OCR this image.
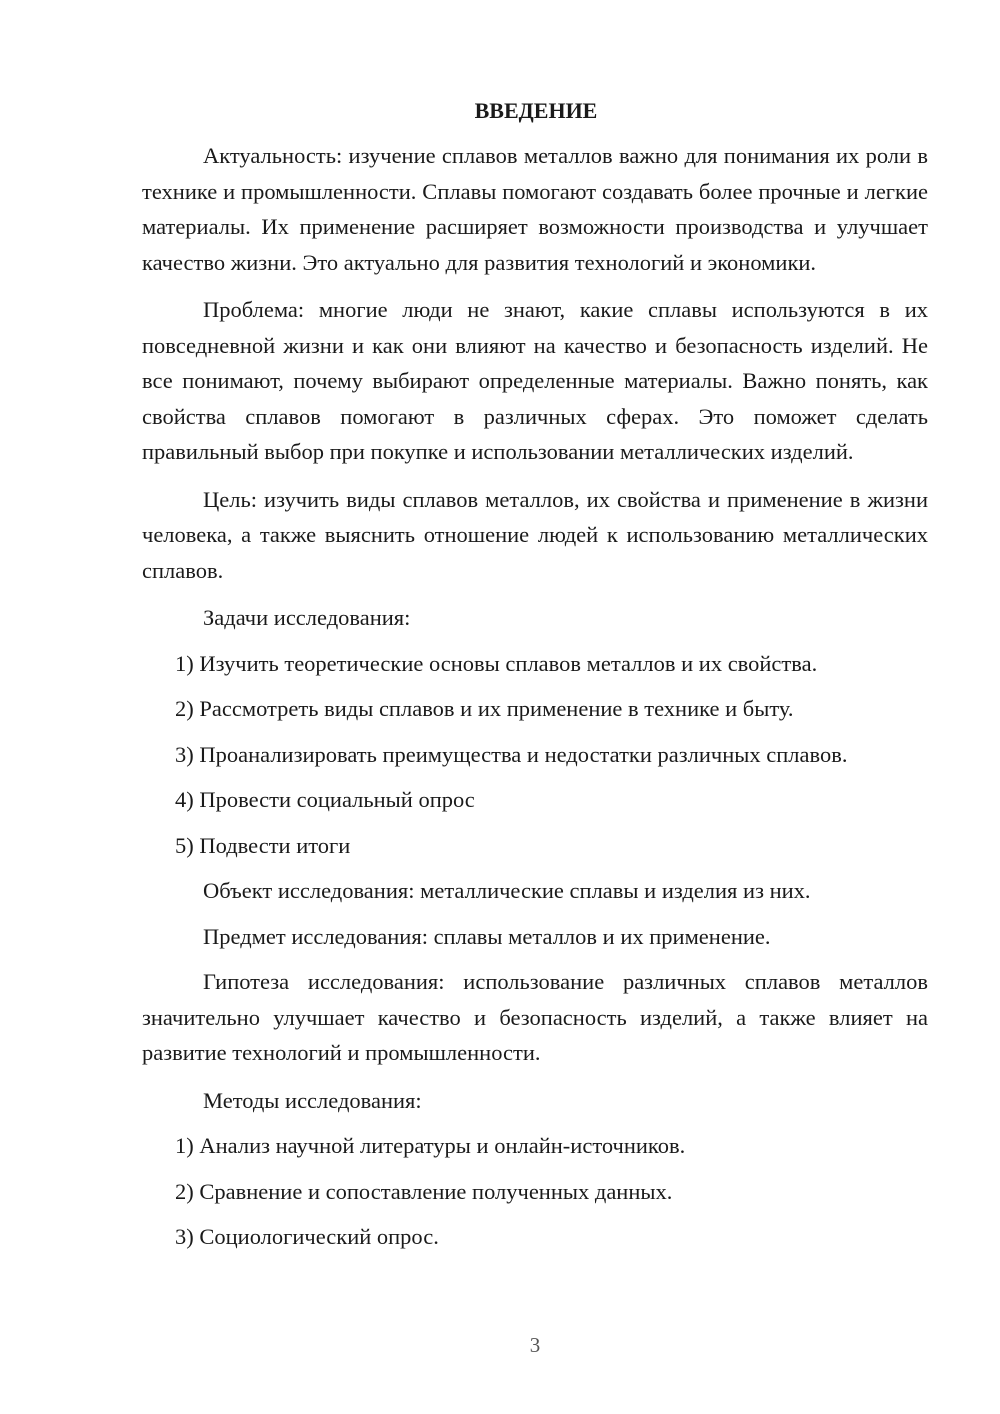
ВВЕДЕНИЕ

Актуальность: изучение сплавов металлов важно для понимания их роли в технике и промышленности. Сплавы помогают создавать более прочные и легкие материалы. Их применение расширяет возможности производства и улучшает качество жизни. Это актуально для развития технологий и экономики.

Проблема: многие люди не знают, какие сплавы используются в их повседневной жизни и как они влияют на качество и безопасность изделий. Не все понимают, почему выбирают определенные материалы. Важно понять, как свойства сплавов помогают в различных сферах. Это поможет сделать правильный выбор при покупке и использовании металлических изделий.

Цель: изучить виды сплавов металлов, их свойства и применение в жизни человека, а также выяснить отношение людей к использованию металлических сплавов.

Задачи исследования:
1) Изучить теоретические основы сплавов металлов и их свойства.
2) Рассмотреть виды сплавов и их применение в технике и быту.
3) Проанализировать преимущества и недостатки различных сплавов.
4) Провести социальный опрос
5) Подвести итоги
Объект исследования: металлические сплавы и изделия из них.
Предмет исследования: сплавы металлов и их применение.

Гипотеза исследования: использование различных сплавов металлов значительно улучшает качество и безопасность изделий, а также влияет на развитие технологий и промышленности.

Методы исследования:
1) Анализ научной литературы и онлайн-источников.
2) Сравнение и сопоставление полученных данных.
3) Социологический опрос.
3
